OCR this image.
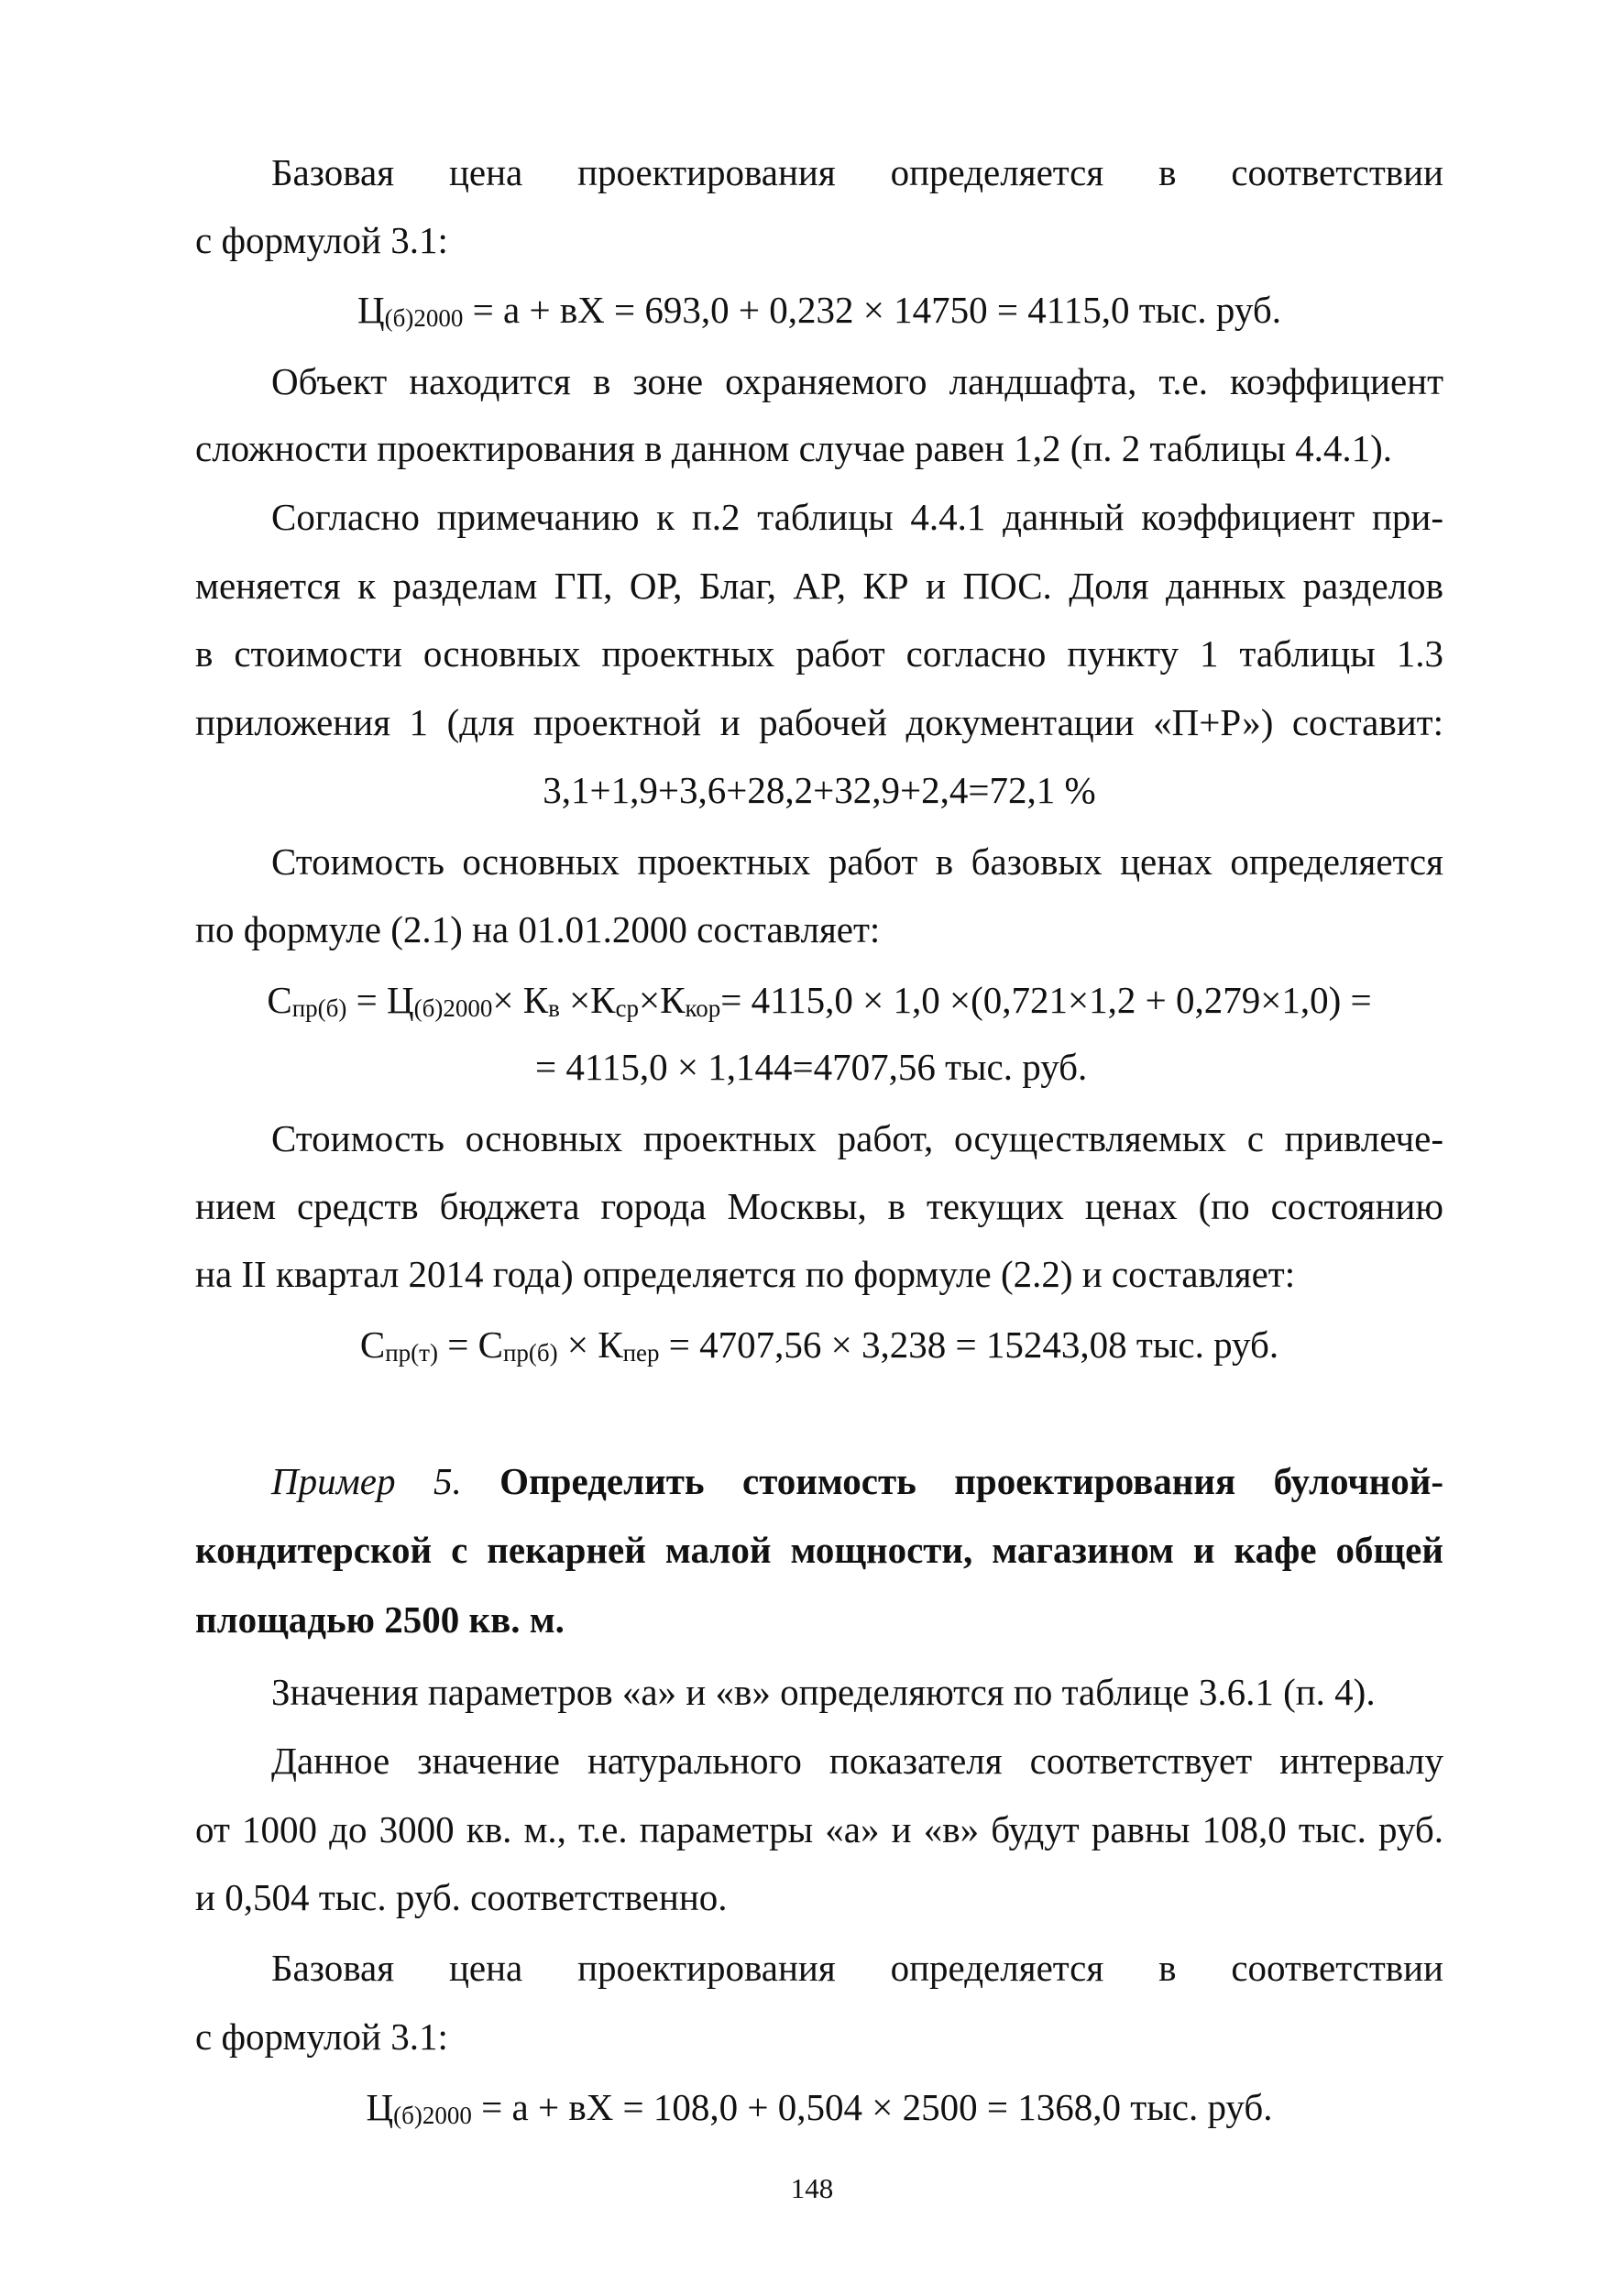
Базовая цена проектирования определяется в соответствии
с формулой 3.1:
$Ц_{(б)2000} = а$ + вХ = 693,0 + 0,232 × 14750 = 4115,0 тыс. руб.
Объект находится в зоне охраняемого ландшафта, т.е. коэффициент
сложности проектирования в данном случае равен 1,2 (п. 2 таблицы 4.4.1).
Согласно примечанию к п.2 таблицы 4.4.1 данный коэффициент при-
меняется к разделам ГП, ОР, Благ, АР, КР и ПОС. Доля данных разделов
в стоимости основных проектных работ согласно пункту 1 таблицы 1.3
приложения 1 (для проектной и рабочей документации «П+Р») составит:
3,1+1,9+3,6+28,2+32,9+2,4=72,1 %
Стоимость основных проектных работ в базовых ценах определяется
по формуле (2.1) на 01.01.2000 составляет:
$С_{пр(б)} = Ц_{(б)2000}\times К_в \times К_{ср}\times К_{кор}= 4115,0 \times 1,0 \times(0,721\times 1,2 + 0,279\times 1,0)$ =
= 4115,0 × 1,144=4707,56 тыс. руб.
Стоимость основных проектных работ, осуществляемых с привлече-
нием средств бюджета города Москвы, в текущих ценах (по состоянию
на II квартал 2014 года) определяется по формуле (2.2) и составляет:
$С_{пр(т)} = С_{пр(б)} \times К_{пер} = 4707,56 \times 3,238 = 15243,08$ тыс. руб.
Пример 5. Определить стоимость проектирования булочной-
кондитерской с пекарней малой мощности, магазином и кафе общей
площадью 2500 кв. м.
Значения параметров «а» и «в» определяются по таблице 3.6.1 (п. 4).
Данное значение натурального показателя соответствует интервалу
от 1000 до 3000 кв. м., т.е. параметры «а» и «в» будут равны 108,0 тыс. руб.
и 0,504 тыс. руб. соответственно.
Базовая цена проектирования определяется в соответствии
с формулой 3.1:
$Ц_{(б)2000} = а$ + вХ = 108,0 + 0,504 × 2500 = 1368,0 тыс. руб.
148
